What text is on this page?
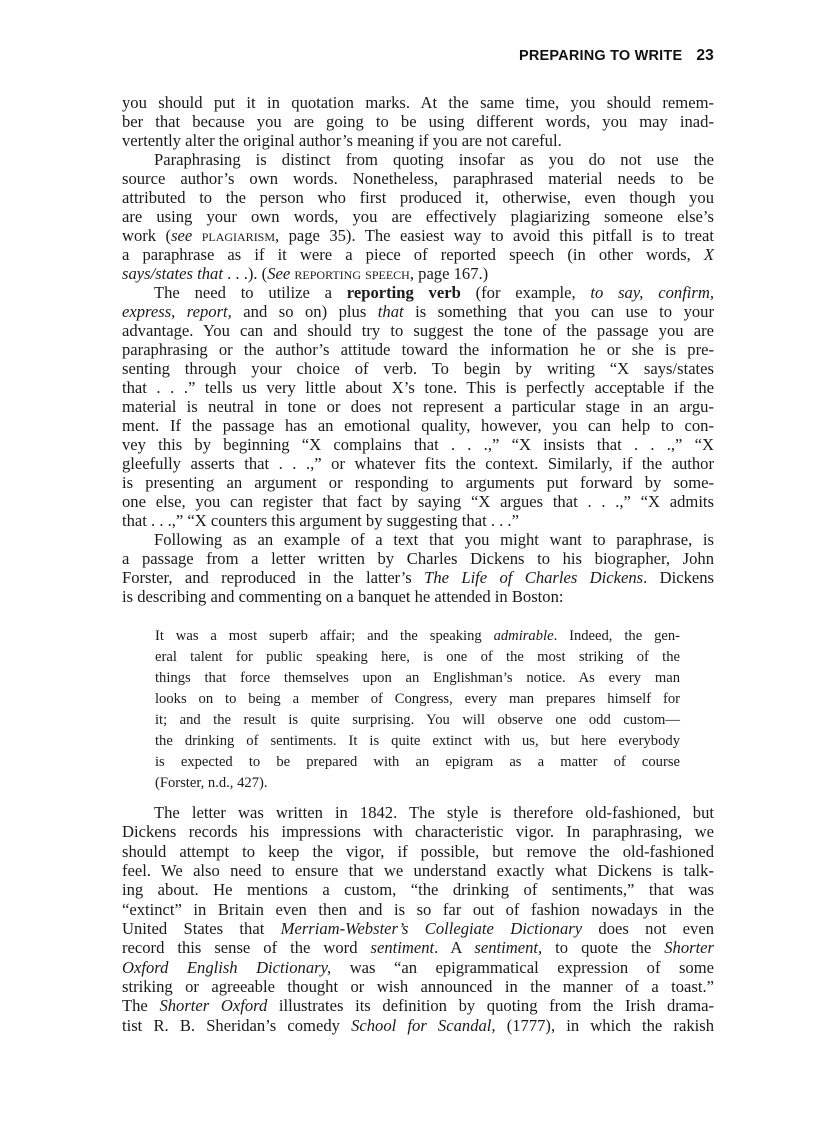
PREPARING TO WRITE 23
you should put it in quotation marks. At the same time, you should remem-
ber that because you are going to be using different words, you may inad-
vertently alter the original author’s meaning if you are not careful.
Paraphrasing is distinct from quoting insofar as you do not use the
source author’s own words. Nonetheless, paraphrased material needs to be
attributed to the person who first produced it, otherwise, even though you
are using your own words, you are effectively plagiarizing someone else’s
work (see plagiarism, page 35). The easiest way to avoid this pitfall is to treat
a paraphrase as if it were a piece of reported speech (in other words, X
says/states that . . .). (See reporting speech, page 167.)
The need to utilize a reporting verb (for example, to say, confirm,
express, report, and so on) plus that is something that you can use to your
advantage. You can and should try to suggest the tone of the passage you are
paraphrasing or the author’s attitude toward the information he or she is pre-
senting through your choice of verb. To begin by writing “X says/states
that . . .” tells us very little about X’s tone. This is perfectly acceptable if the
material is neutral in tone or does not represent a particular stage in an argu-
ment. If the passage has an emotional quality, however, you can help to con-
vey this by beginning “X complains that . . .,” “X insists that . . .,” “X
gleefully asserts that . . .,” or whatever fits the context. Similarly, if the author
is presenting an argument or responding to arguments put forward by some-
one else, you can register that fact by saying “X argues that . . .,” “X admits
that . . .,” “X counters this argument by suggesting that . . .”
Following as an example of a text that you might want to paraphrase, is
a passage from a letter written by Charles Dickens to his biographer, John
Forster, and reproduced in the latter’s The Life of Charles Dickens. Dickens
is describing and commenting on a banquet he attended in Boston:
It was a most superb affair; and the speaking admirable. Indeed, the gen-
eral talent for public speaking here, is one of the most striking of the
things that force themselves upon an Englishman’s notice. As every man
looks on to being a member of Congress, every man prepares himself for
it; and the result is quite surprising. You will observe one odd custom—
the drinking of sentiments. It is quite extinct with us, but here everybody
is expected to be prepared with an epigram as a matter of course
(Forster, n.d., 427).
The letter was written in 1842. The style is therefore old-fashioned, but
Dickens records his impressions with characteristic vigor. In paraphrasing, we
should attempt to keep the vigor, if possible, but remove the old-fashioned
feel. We also need to ensure that we understand exactly what Dickens is talk-
ing about. He mentions a custom, “the drinking of sentiments,” that was
“extinct” in Britain even then and is so far out of fashion nowadays in the
United States that Merriam-Webster’s Collegiate Dictionary does not even
record this sense of the word sentiment. A sentiment, to quote the Shorter
Oxford English Dictionary, was “an epigrammatical expression of some
striking or agreeable thought or wish announced in the manner of a toast.”
The Shorter Oxford illustrates its definition by quoting from the Irish drama-
tist R. B. Sheridan’s comedy School for Scandal, (1777), in which the rakish
